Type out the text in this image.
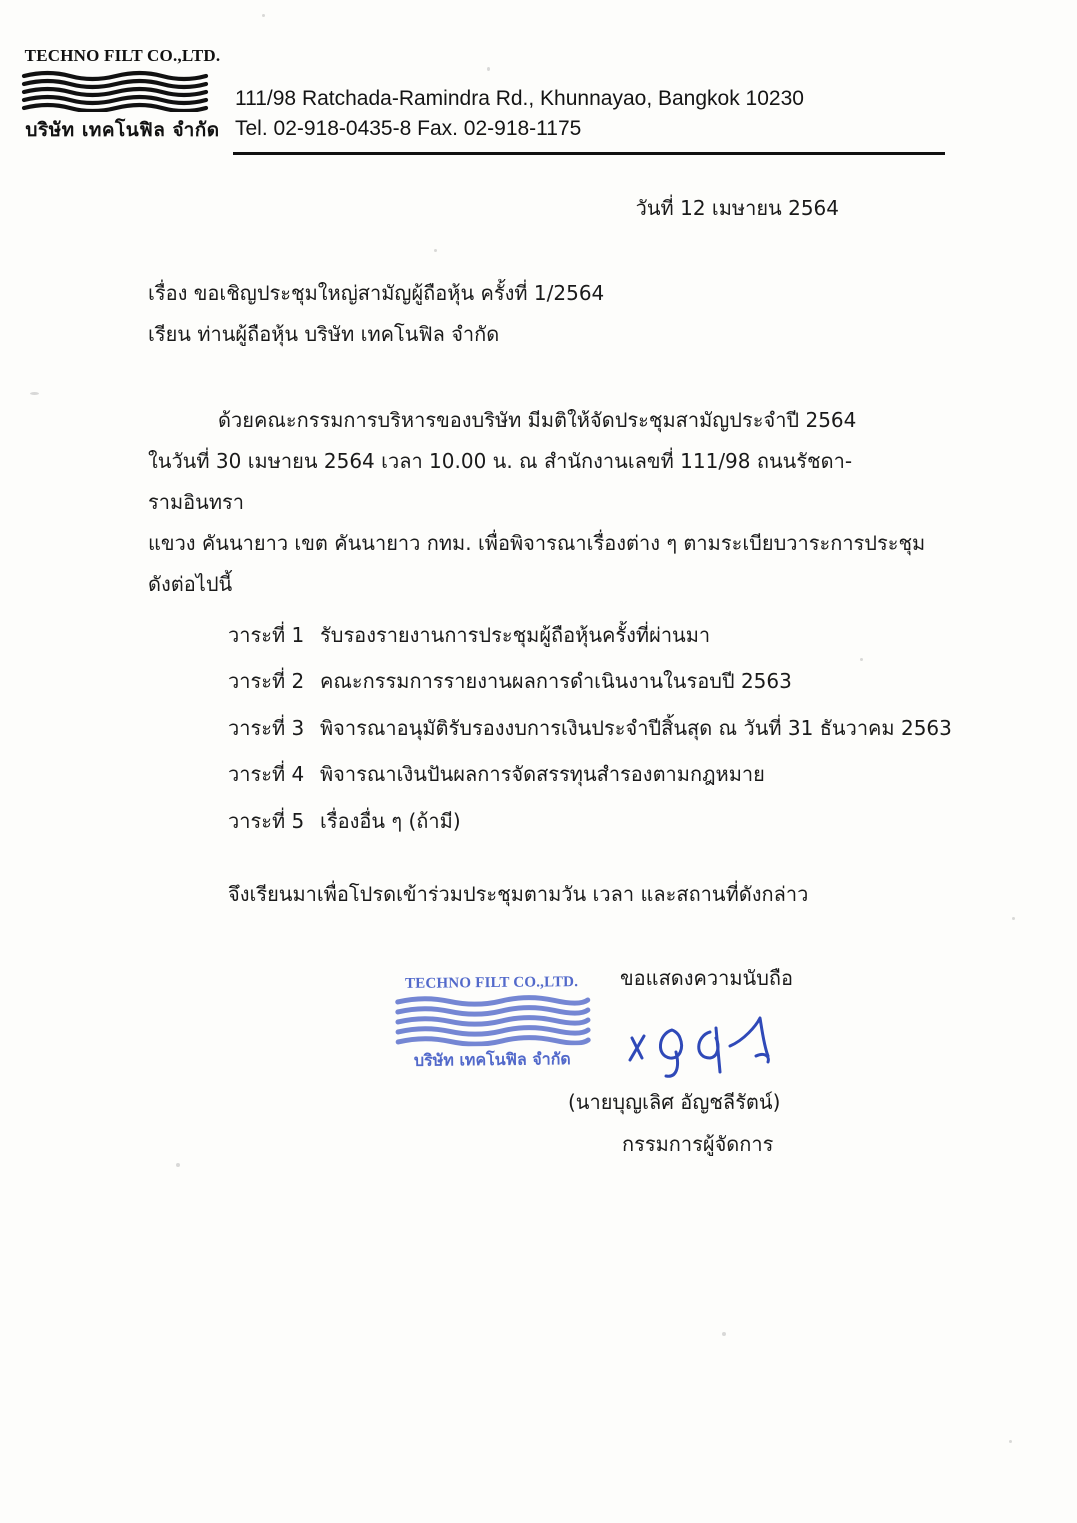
TECHNO FILT CO.,LTD.
บริษัท เทคโนฟิล จำกัด
111/98 Ratchada-Ramindra Rd., Khunnayao, Bangkok 10230
Tel. 02-918-0435-8 Fax. 02-918-1175
วันที่ 12 เมษายน 2564
เรื่อง ขอเชิญประชุมใหญ่สามัญผู้ถือหุ้น ครั้งที่ 1/2564
เรียน ท่านผู้ถือหุ้น บริษัท เทคโนฟิล จำกัด
ด้วยคณะกรรมการบริหารของบริษัท มีมติให้จัดประชุมสามัญประจำปี 2564
ในวันที่ 30 เมษายน 2564 เวลา 10.00 น. ณ สำนักงานเลขที่ 111/98 ถนนรัชดา-รามอินทรา
แขวง คันนายาว เขต คันนายาว กทม. เพื่อพิจารณาเรื่องต่าง ๆ ตามระเบียบวาระการประชุม
ดังต่อไปนี้
วาระที่ 1 รับรองรายงานการประชุมผู้ถือหุ้นครั้งที่ผ่านมา
วาระที่ 2 คณะกรรมการรายงานผลการดำเนินงานในรอบปี 2563
วาระที่ 3 พิจารณาอนุมัติรับรองงบการเงินประจำปีสิ้นสุด ณ วันที่ 31 ธันวาคม 2563
วาระที่ 4 พิจารณาเงินปันผลการจัดสรรทุนสำรองตามกฎหมาย
วาระที่ 5 เรื่องอื่น ๆ (ถ้ามี)
จึงเรียนมาเพื่อโปรดเข้าร่วมประชุมตามวัน เวลา และสถานที่ดังกล่าว
ขอแสดงความนับถือ
TECHNO FILT CO.,LTD.
บริษัท เทคโนฟิล จำกัด
(นายบุญเลิศ อัญชลีรัตน์)
กรรมการผู้จัดการ
